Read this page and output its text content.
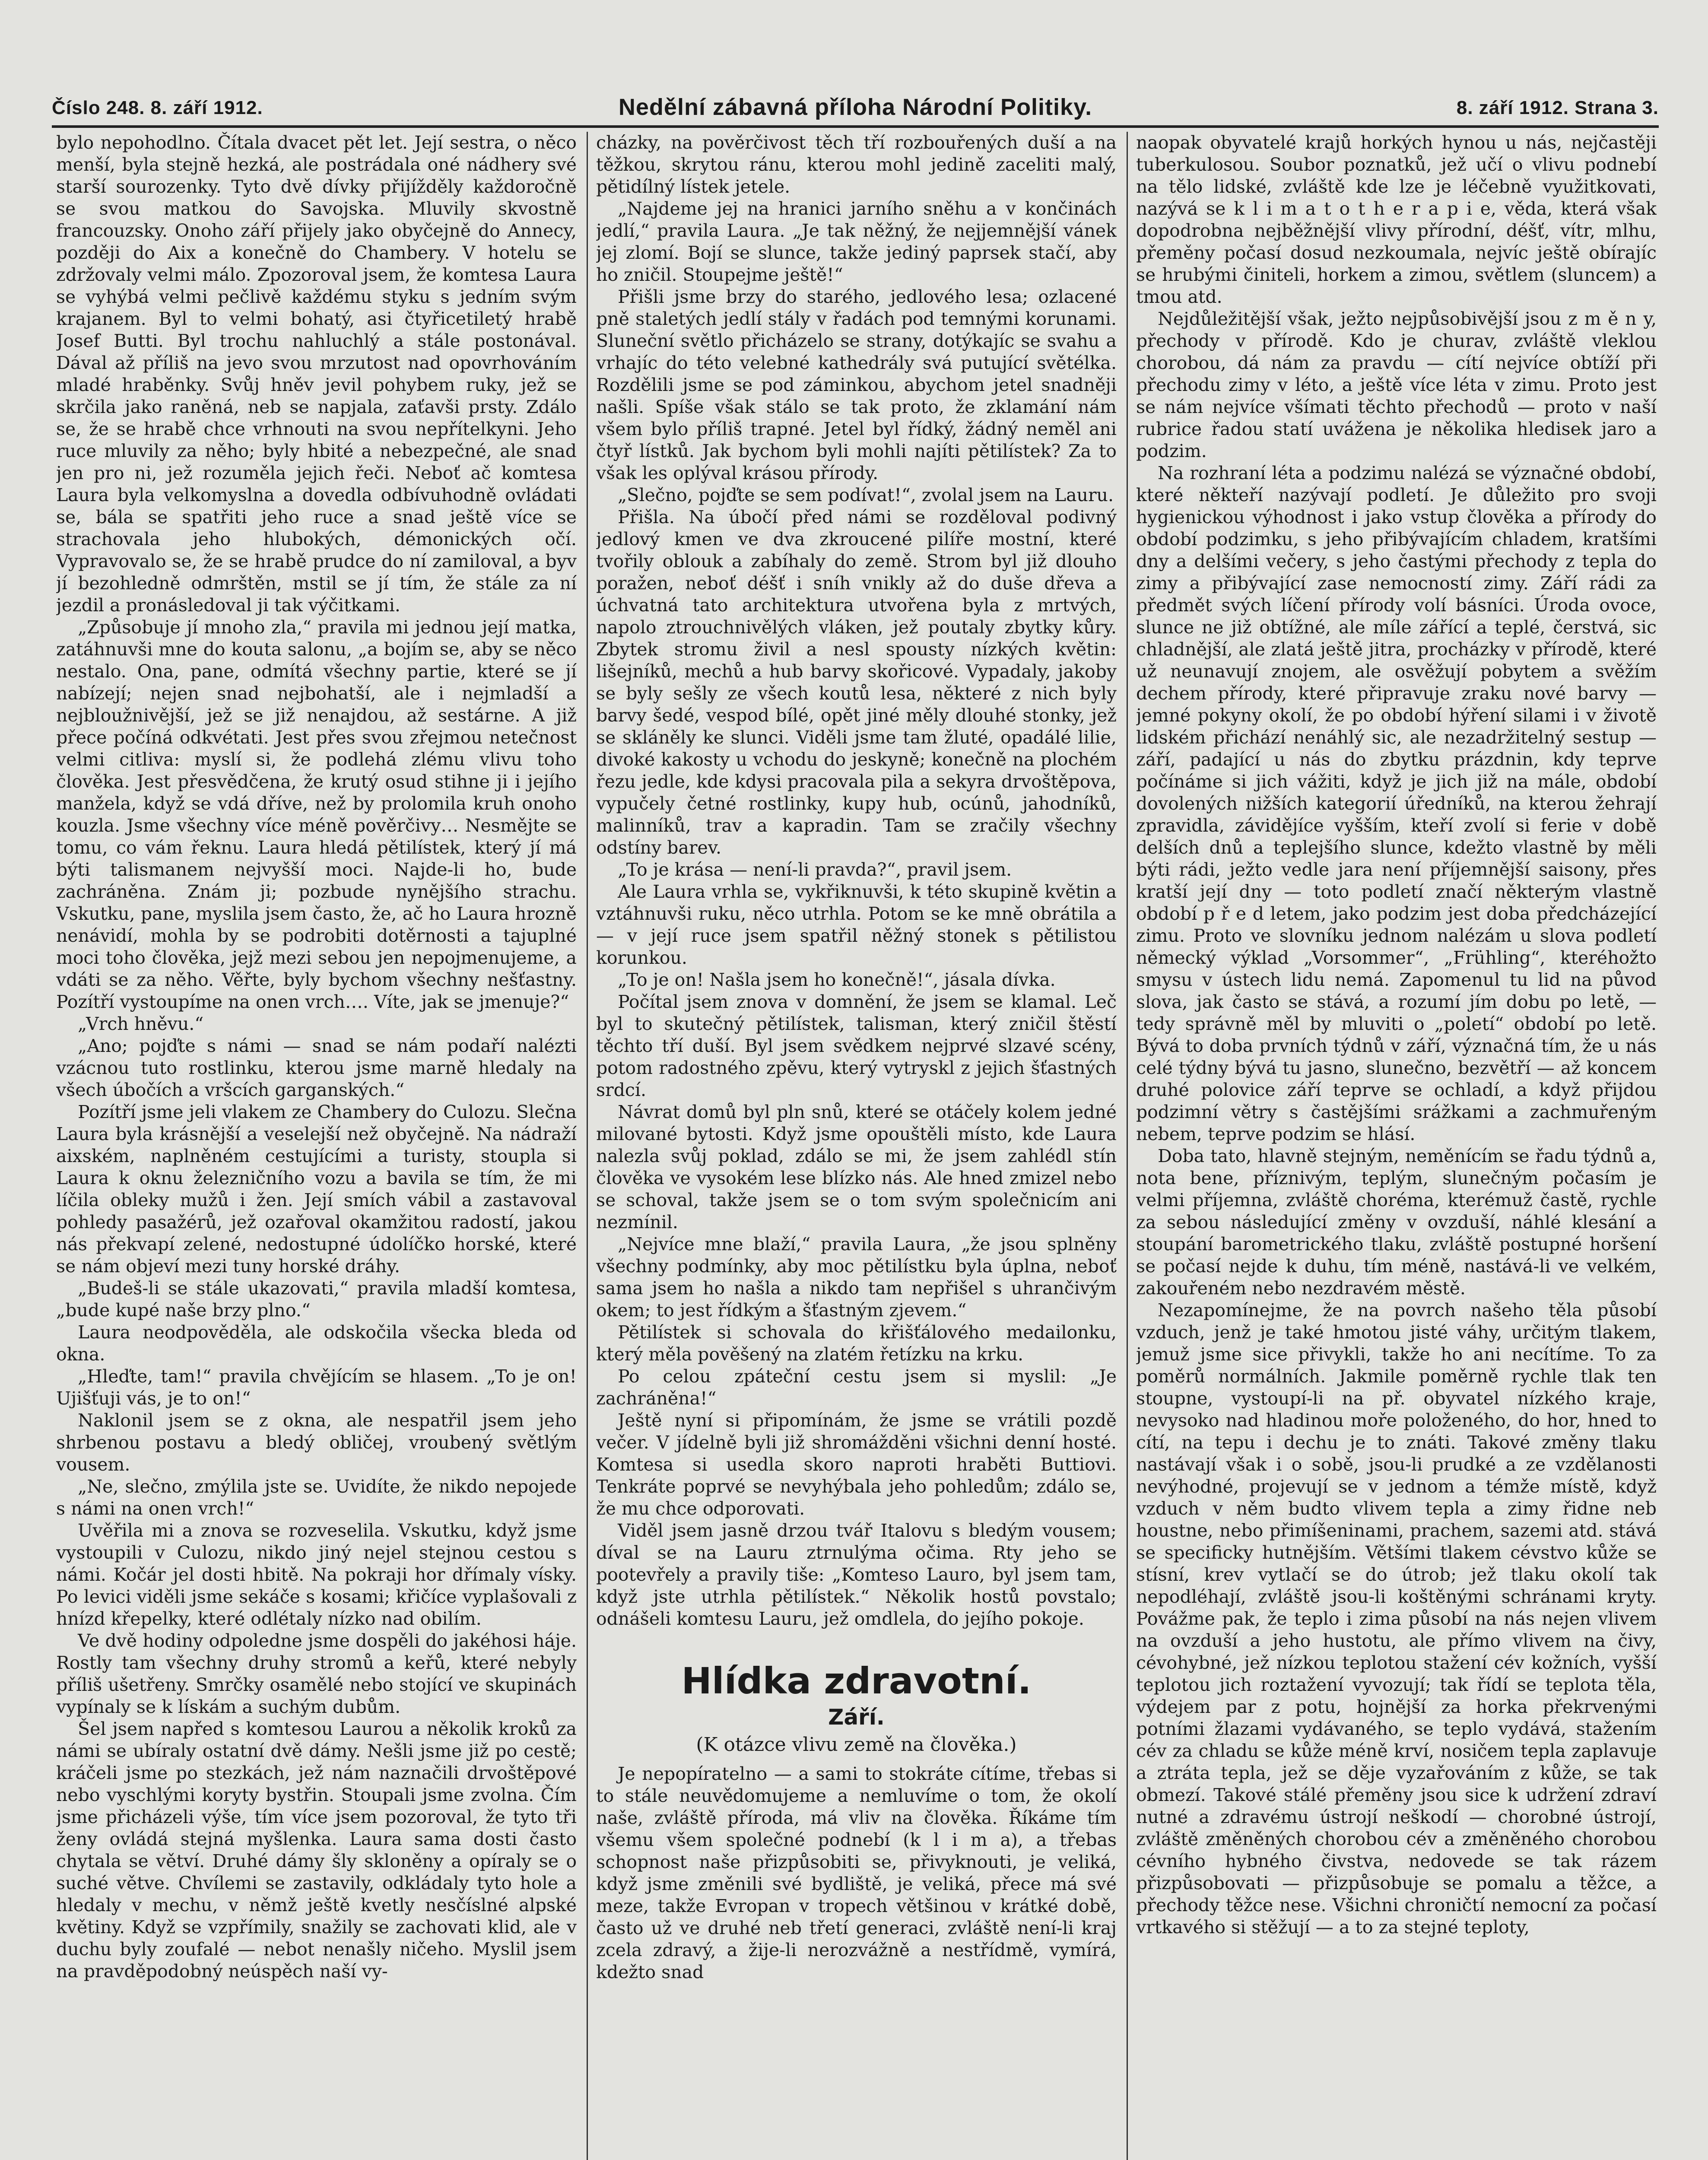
Číslo 248. 8. září 1912.	Nedělní zábavná příloha Národní Politiky.	8. září 1912. Strana 3.

bylo nepohodlno. Čítala dvacet pět let. Její sestra, o něco menší, byla stejně hezká, ale postrádala oné nádhery své starší sourozenky. Tyto dvě dívky přijížděly každoročně se svou matkou do Savojska. Mluvily skvostně francouzsky. Onoho září přijely jako obyčejně do Annecy, později do Aix a konečně do Chambery. V hotelu se zdržovaly velmi málo. Zpozoroval jsem, že komtesa Laura se vyhýbá velmi pečlivě každému styku s jedním svým krajanem. Byl to velmi bohatý, asi čtyřicetiletý hrabě Josef Butti. Byl trochu nahluchlý a stále postonával. Dával až příliš na jevo svou mrzutost nad opovrhováním mladé hraběnky. Svůj hněv jevil pohybem ruky, jež se skrčila jako raněná, neb se napjala, zaťavši prsty. Zdálo se, že se hrabě chce vrhnouti na svou nepřítelkyni. Jeho ruce mluvily za něho; byly hbité a nebezpečné, ale snad jen pro ni, jež rozuměla jejich řeči. Neboť ač komtesa Laura byla velkomyslna a dovedla odbívuhodně ovládati se, bála se spatřiti jeho ruce a snad ještě více se strachovala jeho hlubokých, démonických očí. Vypravovalo se, že se hrabě prudce do ní zamiloval, a byv jí bezohledně odmrštěn, mstil se jí tím, že stále za ní jezdil a pronásledoval ji tak výčitkami.

„Způsobuje jí mnoho zla,“ pravila mi jednou její matka, zatáhnuvši mne do kouta salonu, „a bojím se, aby se něco nestalo. Ona, pane, odmítá všechny partie, které se jí nabízejí; nejen snad nejbohatší, ale i nejmladší a nejbloužnivější, jež se již nenajdou, až sestárne. A již přece počíná odkvétati. Jest přes svou zřejmou netečnost velmi citliva: myslí si, že podlehá zlému vlivu toho člověka. Jest přesvědčena, že krutý osud stihne ji i jejího manžela, když se vdá dříve, než by prolomila kruh onoho kouzla. Jsme všechny více méně pověrčivy… Nesmějte se tomu, co vám řeknu. Laura hledá pětilístek, který jí má býti talismanem nejvyšší moci. Najde-li ho, bude zachráněna. Znám ji; pozbude nynějšího strachu. Vskutku, pane, myslila jsem často, že, ač ho Laura hrozně nenávidí, mohla by se podrobiti dotěrnosti a tajuplné moci toho člověka, jejž mezi sebou jen nepojmenujeme, a vdáti se za něho. Věřte, byly bychom všechny nešťastny. Pozítří vystoupíme na onen vrch…. Víte, jak se jmenuje?“

„Vrch hněvu.“

„Ano; pojďte s námi — snad se nám podaří nalézti vzácnou tuto rostlinku, kterou jsme marně hledaly na všech úbočích a vršcích garganských.“

Pozítří jsme jeli vlakem ze Chambery do Culozu. Slečna Laura byla krásnější a veselejší než obyčejně. Na nádraží aixském, naplněném cestujícími a turisty, stoupla si Laura k oknu železničního vozu a bavila se tím, že mi líčila obleky mužů i žen. Její smích vábil a zastavoval pohledy pasažérů, jež ozařoval okamžitou radostí, jakou nás překvapí zelené, nedostupné údolíčko horské, které se nám objeví mezi tuny horské dráhy.

„Budeš-li se stále ukazovati,“ pravila mladší komtesa, „bude kupé naše brzy plno.“

Laura neodpověděla, ale odskočila všecka bleda od okna.

„Hleďte, tam!“ pravila chvějícím se hlasem. „To je on! Ujišťuji vás, je to on!“

Naklonil jsem se z okna, ale nespatřil jsem jeho shrbenou postavu a bledý obličej, vroubený světlým vousem.

„Ne, slečno, zmýlila jste se. Uvidíte, že nikdo nepojede s námi na onen vrch!“

Uvěřila mi a znova se rozveselila. Vskutku, když jsme vystoupili v Culozu, nikdo jiný nejel stejnou cestou s námi. Kočár jel dosti hbitě. Na pokraji hor dřímaly vísky. Po levici viděli jsme sekáče s kosami; křičíce vyplašovali z hnízd křepelky, které odlétaly nízko nad obilím.

Ve dvě hodiny odpoledne jsme dospěli do jakéhosi háje. Rostly tam všechny druhy stromů a keřů, které nebyly příliš ušetřeny. Smrčky osamělé nebo stojící ve skupinách vypínaly se k lískám a suchým dubům.

Šel jsem napřed s komtesou Laurou a několik kroků za námi se ubíraly ostatní dvě dámy. Nešli jsme již po cestě; kráčeli jsme po stezkách, jež nám naznačili drvoštěpové nebo vyschlými koryty bystřin. Stoupali jsme zvolna. Čím jsme přicházeli výše, tím více jsem pozoroval, že tyto tři ženy ovládá stejná myšlenka. Laura sama dosti často chytala se větví. Druhé dámy šly skloněny a opíraly se o suché větve. Chvílemi se zastavily, odkládaly tyto hole a hledaly v mechu, v němž ještě kvetly nesčíslné alpské květiny. Když se vzpřímily, snažily se zachovati klid, ale v duchu byly zoufalé — nebot nenašly ničeho. Myslil jsem na pravděpodobný neúspěch naší vy-

cházky, na pověrčivost těch tří rozbouřených duší a na těžkou, skrytou ránu, kterou mohl jedině zaceliti malý, pětidílný lístek jetele.

„Najdeme jej na hranici jarního sněhu a v končinách jedlí,“ pravila Laura. „Je tak něžný, že nejjemnější vánek jej zlomí. Bojí se slunce, takže jediný paprsek stačí, aby ho zničil. Stoupejme ještě!“

Přišli jsme brzy do starého, jedlového lesa; ozlacené pně staletých jedlí stály v řadách pod temnými korunami. Sluneční světlo přicházelo se strany, dotýkajíc se svahu a vrhajíc do této velebné kathedrály svá putující světélka. Rozdělili jsme se pod záminkou, abychom jetel snadněji našli. Spíše však stálo se tak proto, že zklamání nám všem bylo příliš trapné. Jetel byl řídký, žádný neměl ani čtyř lístků. Jak bychom byli mohli najíti pětilístek? Za to však les oplýval krásou přírody.

„Slečno, pojďte se sem podívat!“, zvolal jsem na Lauru.

Přišla. Na úbočí před námi se rozděloval podivný jedlový kmen ve dva zkroucené pilíře mostní, které tvořily oblouk a zabíhaly do země. Strom byl již dlouho poražen, neboť déšť i sníh vnikly až do duše dřeva a úchvatná tato architektura utvořena byla z mrtvých, napolo ztrouchnivělých vláken, jež poutaly zbytky kůry. Zbytek stromu živil a nesl spousty nízkých květin: lišejníků, mechů a hub barvy skořicové. Vypadaly, jakoby se byly sešly ze všech koutů lesa, některé z nich byly barvy šedé, vespod bílé, opět jiné měly dlouhé stonky, jež se skláněly ke slunci. Viděli jsme tam žluté, opadálé lilie, divoké kakosty u vchodu do jeskyně; konečně na plochém řezu jedle, kde kdysi pracovala pila a sekyra drvoštěpova, vypučely četné rostlinky, kupy hub, ocúnů, jahodníků, malinníků, trav a kapradin. Tam se zračily všechny odstíny barev.

„To je krása — není-li pravda?“, pravil jsem.

Ale Laura vrhla se, vykřiknuvši, k této skupině květin a vztáhnuvši ruku, něco utrhla. Potom se ke mně obrátila a — v její ruce jsem spatřil něžný stonek s pětilistou korunkou.

„To je on! Našla jsem ho konečně!“, jásala dívka.

Počítal jsem znova v domnění, že jsem se klamal. Leč byl to skutečný pětilístek, talisman, který zničil štěstí těchto tří duší. Byl jsem svědkem nejprvé slzavé scény, potom radostného zpěvu, který vytryskl z jejich šťastných srdcí.

Návrat domů byl pln snů, které se otáčely kolem jedné milované bytosti. Když jsme opouštěli místo, kde Laura nalezla svůj poklad, zdálo se mi, že jsem zahlédl stín člověka ve vysokém lese blízko nás. Ale hned zmizel nebo se schoval, takže jsem se o tom svým společnicím ani nezmínil.

„Nejvíce mne blaží,“ pravila Laura, „že jsou splněny všechny podmínky, aby moc pětilístku byla úplna, neboť sama jsem ho našla a nikdo tam nepřišel s uhrančivým okem; to jest řídkým a šťastným zjevem.“

Pětilístek si schovala do křišťálového medailonku, který měla pověšený na zlatém řetízku na krku.

Po celou zpáteční cestu jsem si myslil: „Je zachráněna!“

Ještě nyní si připomínám, že jsme se vrátili pozdě večer. V jídelně byli již shromážděni všichni denní hosté. Komtesa si usedla skoro naproti hraběti Buttiovi. Tenkráte poprvé se nevyhýbala jeho pohledům; zdálo se, že mu chce odporovati.

Viděl jsem jasně drzou tvář Italovu s bledým vousem; díval se na Lauru ztrnulýma očima. Rty jeho se pootevřely a pravily tiše: „Komteso Lauro, byl jsem tam, když jste utrhla pětilístek.“ Několik hostů povstalo; odnášeli komtesu Lauru, jež omdlela, do jejího pokoje.

Hlídka zdravotní.
Září.
(K otázce vlivu země na člověka.)

Je nepopíratelno — a sami to stokráte cítíme, třebas si to stále neuvědomujeme a nemluvíme o tom, že okolí naše, zvláště příroda, má vliv na člověka. Říkáme tím všemu všem společné podnebí (k l i m a), a třebas schopnost naše přizpůsobiti se, přivyknouti, je veliká, když jsme změnili své bydliště, je veliká, přece má své meze, takže Evropan v tropech většinou v krátké době, často už ve druhé neb třetí generaci, zvláště není-li kraj zcela zdravý, a žije-li nerozvážně a nestřídmě, vymírá, kdežto snad

naopak obyvatelé krajů horkých hynou u nás, nejčastěji tuberkulosou. Soubor poznatků, jež učí o vlivu podnebí na tělo lidské, zvláště kde lze je léčebně využitkovati, nazývá se k l i m a t o t h e r a p i e, věda, která však dopodrobna nejběžnější vlivy přírodní, déšť, vítr, mlhu, přeměny počasí dosud nezkoumala, nejvíc ještě obírajíc se hrubými činiteli, horkem a zimou, světlem (sluncem) a tmou atd.

Nejdůležitější však, ježto nejpůsobivější jsou z m ě n y, přechody v přírodě. Kdo je churav, zvláště vleklou chorobou, dá nám za pravdu — cítí nejvíce obtíží při přechodu zimy v léto, a ještě více léta v zimu. Proto jest se nám nejvíce všímati těchto přechodů — proto v naší rubrice řadou statí uvážena je několika hledisek jaro a podzim.

Na rozhraní léta a podzimu nalézá se význačné období, které někteří nazývají podletí. Je důležito pro svoji hygienickou výhodnost i jako vstup člověka a přírody do období podzimku, s jeho přibývajícím chladem, kratšími dny a delšími večery, s jeho častými přechody z tepla do zimy a přibývající zase nemocností zimy. Září rádi za předmět svých líčení přírody volí básníci. Úroda ovoce, slunce ne již obtížné, ale míle zářící a teplé, čerstvá, sic chladnější, ale zlatá ještě jitra, procházky v přírodě, které už neunavují znojem, ale osvěžují pobytem a svěžím dechem přírody, které připravuje zraku nové barvy — jemné pokyny okolí, že po období hýření silami i v životě lidském přichází nenáhlý sic, ale nezadržitelný sestup — září, padající u nás do zbytku prázdnin, kdy teprve počínáme si jich vážiti, když je jich již na mále, období dovolených nižších kategorií úředníků, na kterou žehrají zpravidla, závidějíce vyšším, kteří zvolí si ferie v době delších dnů a teplejšího slunce, kdežto vlastně by měli býti rádi, ježto vedle jara není příjemnější saisony, přes kratší její dny — toto podletí značí některým vlastně období p ř e d letem, jako podzim jest doba předcházející zimu. Proto ve slovníku jednom nalézám u slova podletí německý výklad „Vorsommer“, „Frühling“, kteréhožto smysu v ústech lidu nemá. Zapomenul tu lid na původ slova, jak často se stává, a rozumí jím dobu po letě, — tedy správně měl by mluviti o „poletí“ období po letě. Bývá to doba prvních týdnů v září, význačná tím, že u nás celé týdny bývá tu jasno, slunečno, bezvětří — až koncem druhé polovice září teprve se ochladí, a když přijdou podzimní větry s častějšími srážkami a zachmuřeným nebem, teprve podzim se hlásí.

Doba tato, hlavně stejným, neměnícím se řadu týdnů a, nota bene, příznivým, teplým, slunečným počasím je velmi příjemna, zvláště choréma, kterémuž častě, rychle za sebou následující změny v ovzduší, náhlé klesání a stoupání barometrického tlaku, zvláště postupné horšení se počasí nejde k duhu, tím méně, nastává-li ve velkém, zakouřeném nebo nezdravém městě.

Nezapomínejme, že na povrch našeho těla působí vzduch, jenž je také hmotou jisté váhy, určitým tlakem, jemuž jsme sice přivykli, takže ho ani necítíme. To za poměrů normálních. Jakmile poměrně rychle tlak ten stoupne, vystoupí-li na př. obyvatel nízkého kraje, nevysoko nad hladinou moře položeného, do hor, hned to cítí, na tepu i dechu je to znáti. Takové změny tlaku nastávají však i o sobě, jsou-li prudké a ze vzdělanosti nevýhodné, projevují se v jednom a témže místě, když vzduch v něm budto vlivem tepla a zimy řidne neb houstne, nebo přimíšeninami, prachem, sazemi atd. stává se specificky hutnějším. Většími tlakem cévstvo kůže se stísní, krev vytlačí se do útrob; jež tlaku okolí tak nepodléhají, zvláště jsou-li koštěnými schránami kryty. Povážme pak, že teplo i zima působí na nás nejen vlivem na ovzduší a jeho hustotu, ale přímo vlivem na čivy, cévohybné, jež nízkou teplotou stažení cév kožních, vyšší teplotou jich roztažení vyvozují; tak řídí se teplota těla, výdejem par z potu, hojnější za horka překrvenými potními žlazami vydávaného, se teplo vydává, stažením cév za chladu se kůže méně krví, nosičem tepla zaplavuje a ztráta tepla, jež se děje vyzařováním z kůže, se tak obmezí. Takové stálé přeměny jsou sice k udržení zdraví nutné a zdravému ústrojí neškodí — chorobné ústrojí, zvláště změněných chorobou cév a změněného chorobou cévního hybného čivstva, nedovede se tak rázem přizpůsobovati — přizpůsobuje se pomalu a těžce, a přechody těžce nese. Všichni chroničtí nemocní za počasí vrtkavého si stěžují — a to za stejné teploty,
